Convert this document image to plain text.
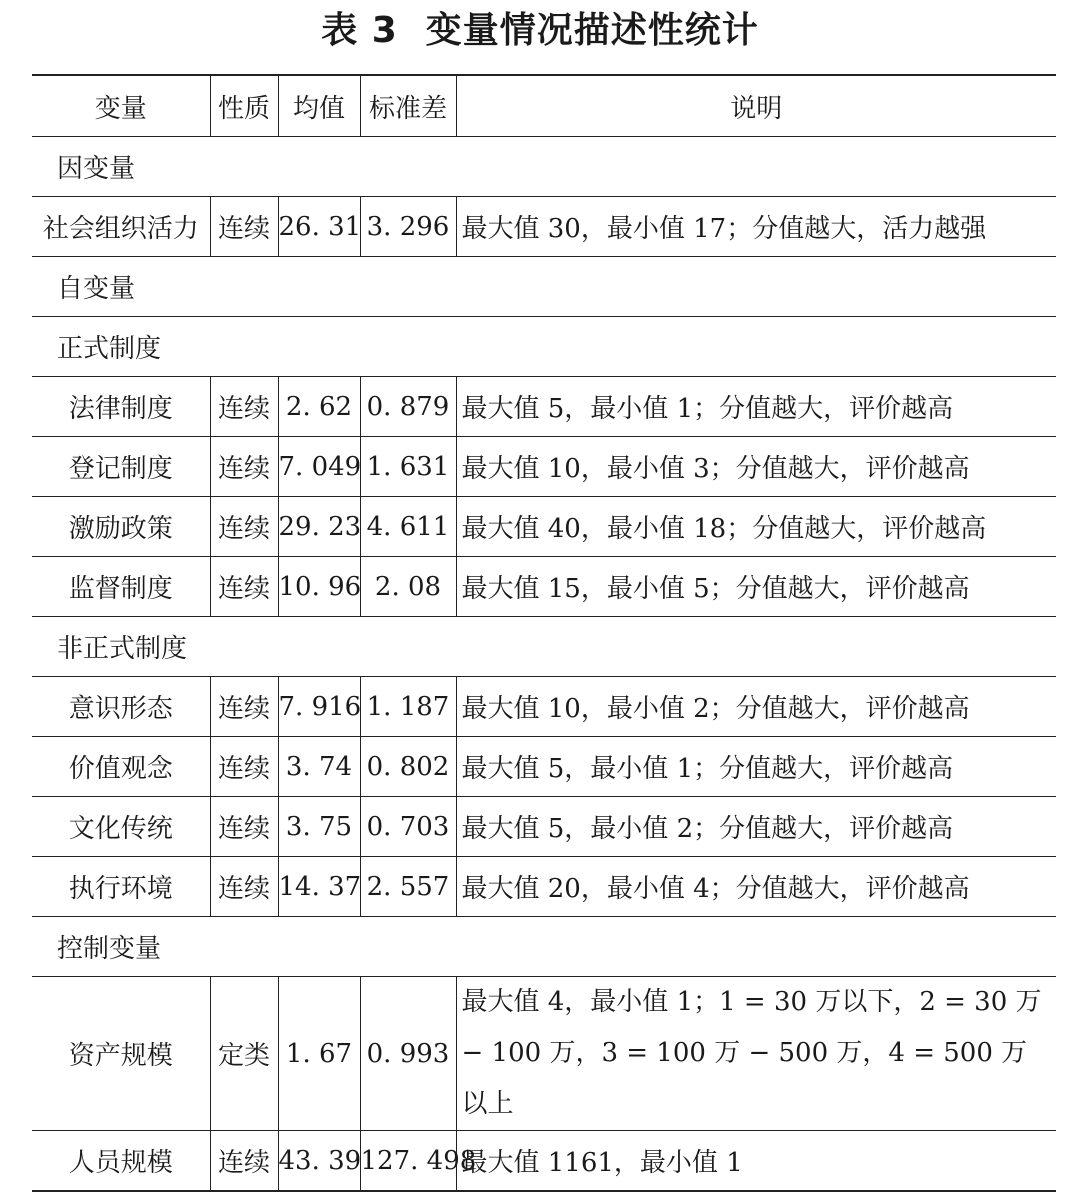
表 3 变量情况描述性统计
变量	性质	均值	标准差	说明
因变量				
社会组织活力	连续	26. 31	3. 296	最大值 30，最小值 17；分值越大，活力越强
自变量				
正式制度				
法律制度	连续	2. 62	0. 879	最大值 5，最小值 1；分值越大，评价越高
登记制度	连续	7. 049	1. 631	最大值 10，最小值 3；分值越大，评价越高
激励政策	连续	29. 23	4. 611	最大值 40，最小值 18；分值越大，评价越高
监督制度	连续	10. 96	2. 08	最大值 15，最小值 5；分值越大，评价越高
非正式制度				
意识形态	连续	7. 916	1. 187	最大值 10，最小值 2；分值越大，评价越高
价值观念	连续	3. 74	0. 802	最大值 5，最小值 1；分值越大，评价越高
文化传统	连续	3. 75	0. 703	最大值 5，最小值 2；分值越大，评价越高
执行环境	连续	14. 37	2. 557	最大值 20，最小值 4；分值越大，评价越高
控制变量				
资产规模	定类	1. 67	0. 993	最大值 4，最小值 1；1 = 30 万以下，2 = 30 万 − 100 万，3 = 100 万 − 500 万，4 = 500 万以上
人员规模	连续	43. 39	127. 498	最大值 1161，最小值 1
